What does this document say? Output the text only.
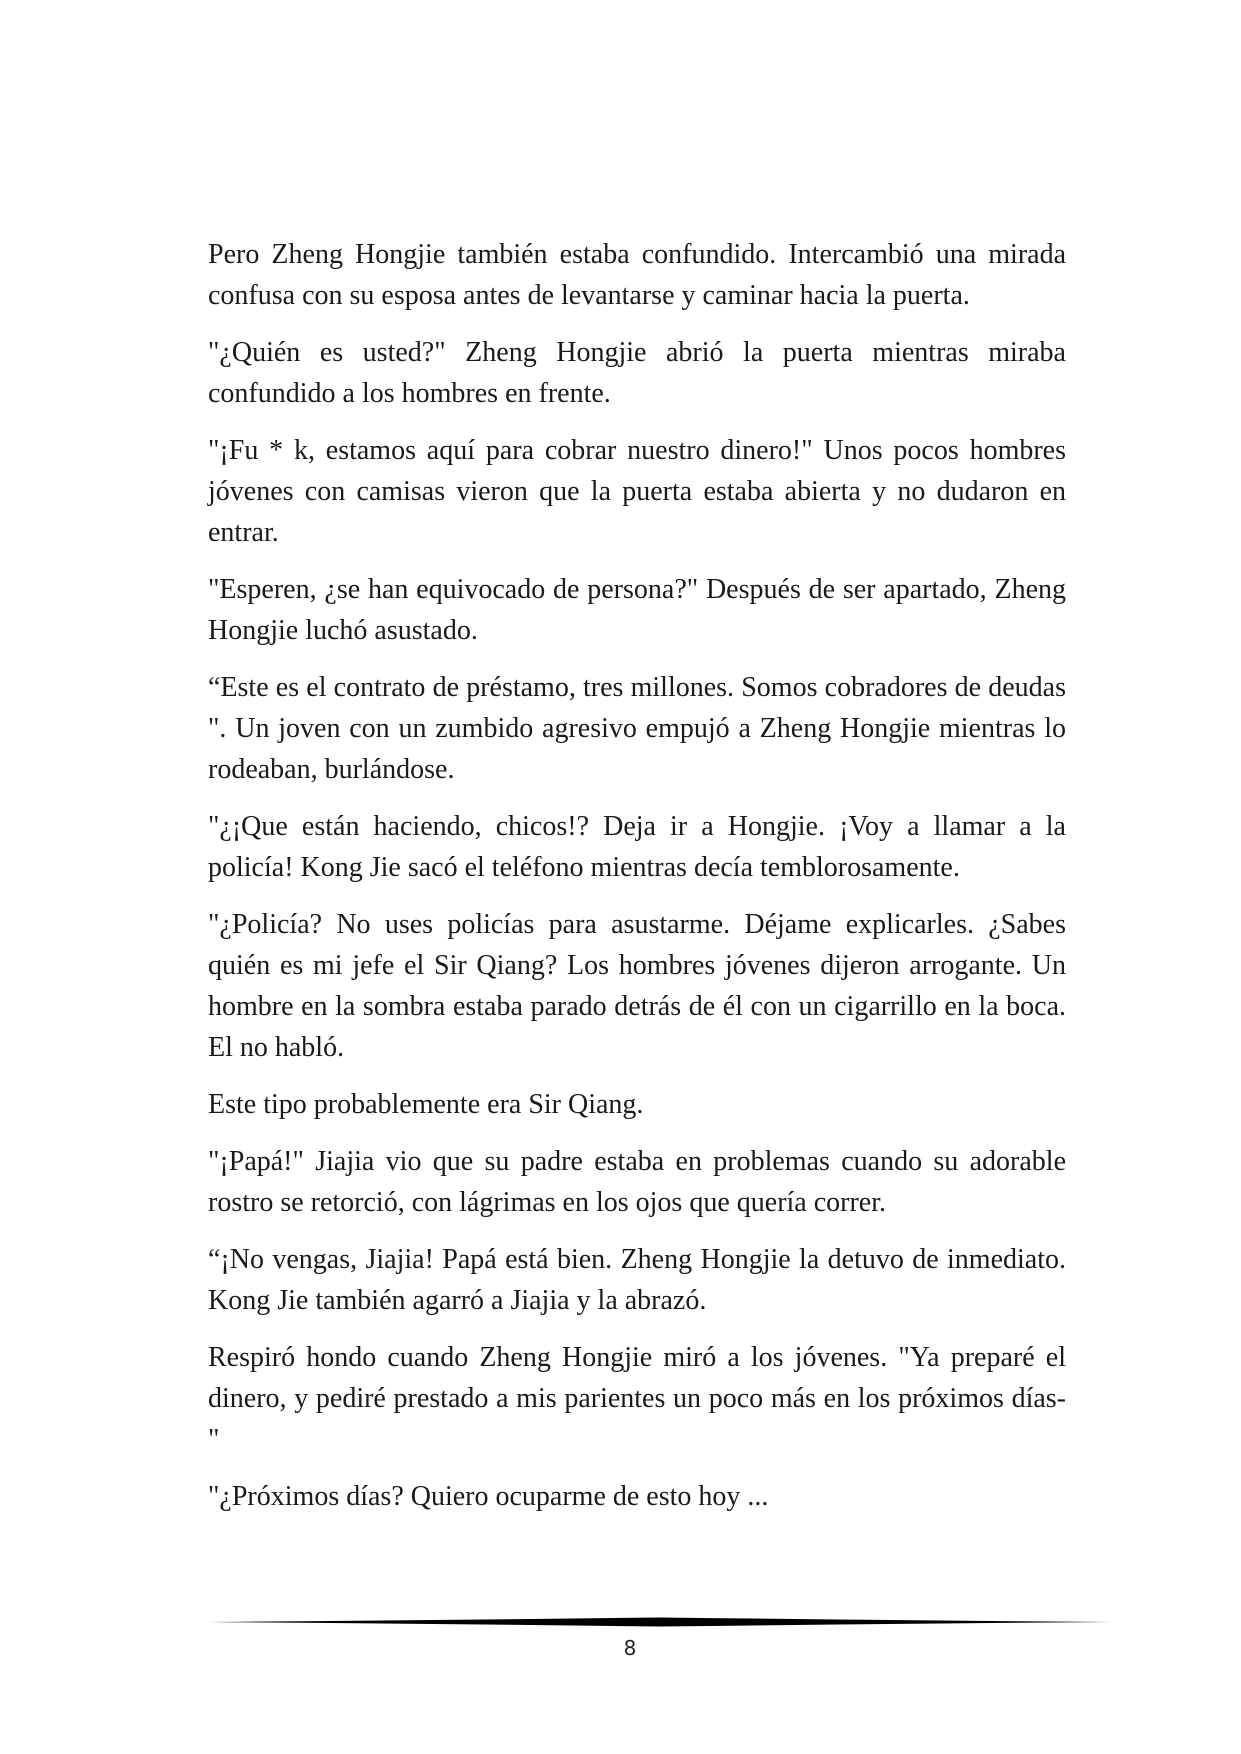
Pero Zheng Hongjie también estaba confundido. Intercambió una mirada confusa con su esposa antes de levantarse y caminar hacia la puerta.

"¿Quién es usted?" Zheng Hongjie abrió la puerta mientras miraba confundido a los hombres en frente.

"¡Fu * k, estamos aquí para cobrar nuestro dinero!" Unos pocos hombres jóvenes con camisas vieron que la puerta estaba abierta y no dudaron en entrar.

"Esperen, ¿se han equivocado de persona?" Después de ser apartado, Zheng Hongjie luchó asustado.

“Este es el contrato de préstamo, tres millones. Somos cobradores de deudas ". Un joven con un zumbido agresivo empujó a Zheng Hongjie mientras lo rodeaban, burlándose.

"¿¡Que están haciendo, chicos!? Deja ir a Hongjie. ¡Voy a llamar a la policía! Kong Jie sacó el teléfono mientras decía temblorosamente.

"¿Policía? No uses policías para asustarme. Déjame explicarles. ¿Sabes quién es mi jefe el Sir Qiang? Los hombres jóvenes dijeron arrogante. Un hombre en la sombra estaba parado detrás de él con un cigarrillo en la boca. El no habló.

Este tipo probablemente era Sir Qiang.

"¡Papá!" Jiajia vio que su padre estaba en problemas cuando su adorable rostro se retorció, con lágrimas en los ojos que quería correr.

“¡No vengas, Jiajia! Papá está bien. Zheng Hongjie la detuvo de inmediato. Kong Jie también agarró a Jiajia y la abrazó.

Respiró hondo cuando Zheng Hongjie miró a los jóvenes. "Ya preparé el dinero, y pediré prestado a mis parientes un poco más en los próximos días-"

"¿Próximos días? Quiero ocuparme de esto hoy ...

8
